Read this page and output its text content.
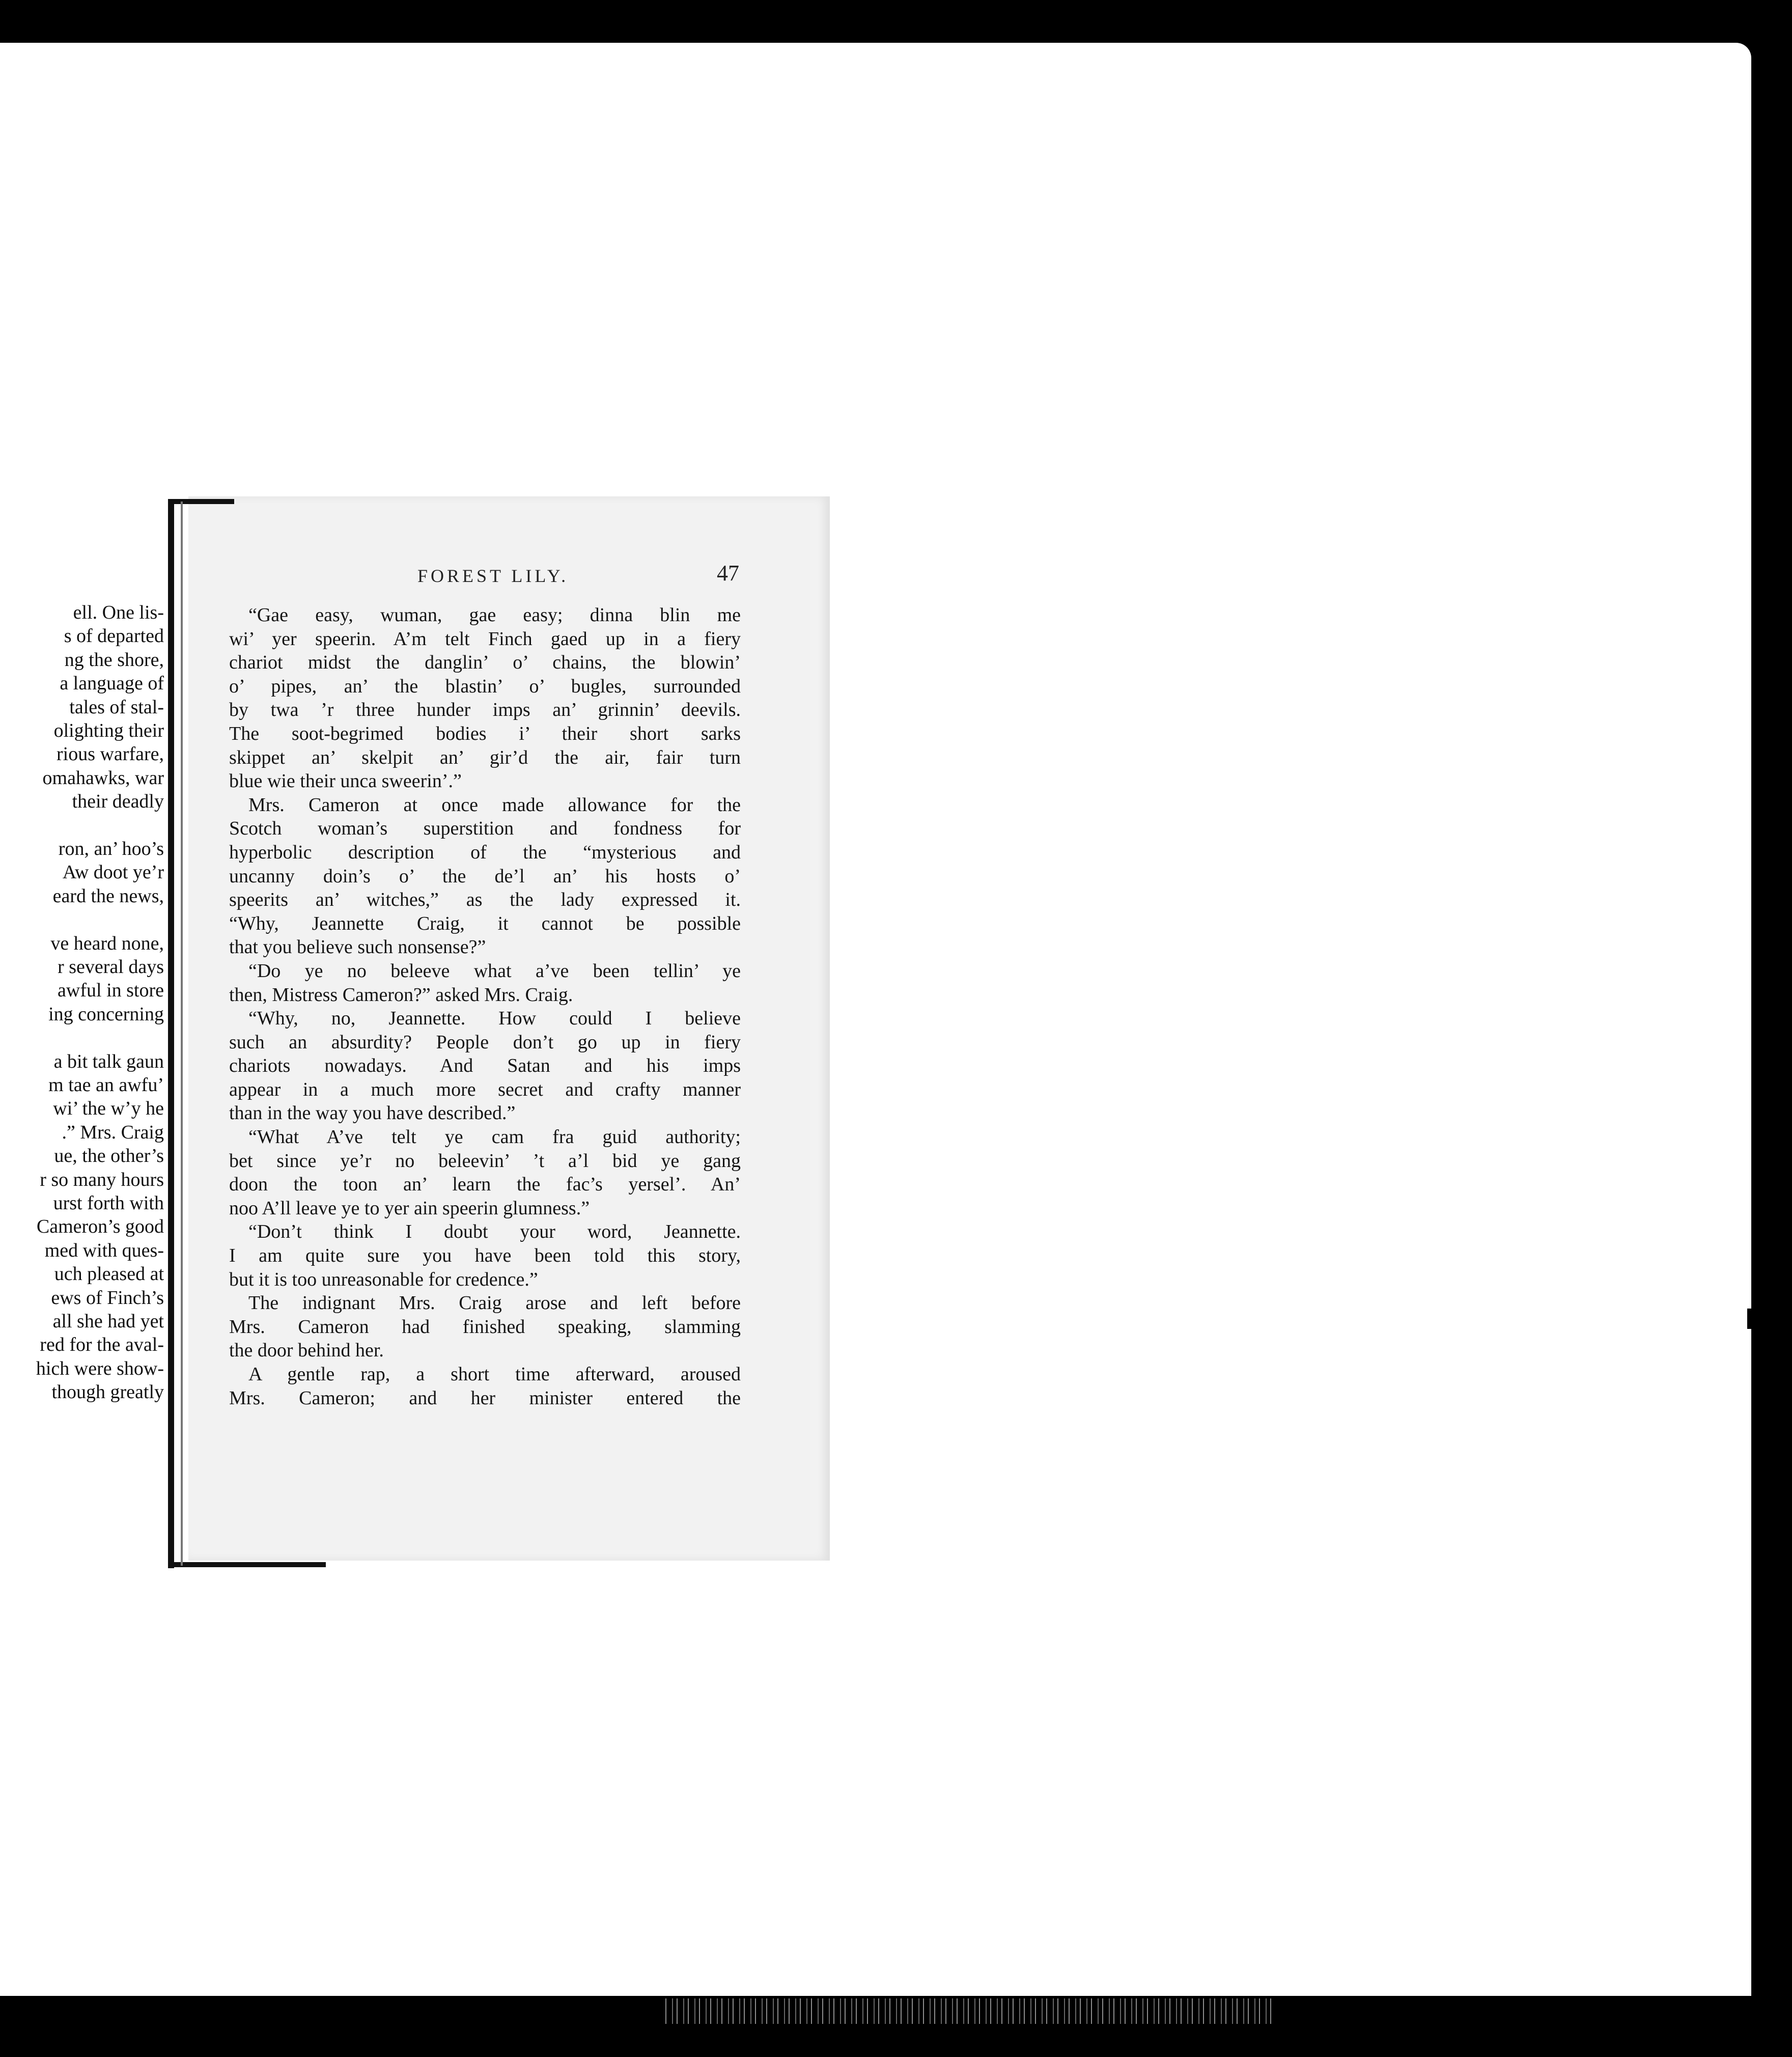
ell. One lis-
s of departed
ng the shore,
a language of
tales of stal-
olighting their
rious warfare,
omahawks, war
their deadly
ron, an’ hoo’s
Aw doot ye’r
eard the news,
ve heard none,
r several days
awful in store
ing concerning
a bit talk gaun
m tae an awfu’
wi’ the w’y he
.” Mrs. Craig
ue, the other’s
r so many hours
urst forth with
Cameron’s good
med with ques-
uch pleased at
ews of Finch’s
all she had yet
red for the aval-
hich were show-
though greatly
FOREST LILY.	47
“Gae easy, wuman, gae easy; dinna blin me
wi’ yer speerin. A’m telt Finch gaed up in a fiery
chariot midst the danglin’ o’ chains, the blowin’
o’ pipes, an’ the blastin’ o’ bugles, surrounded
by twa ’r three hunder imps an’ grinnin’ deevils.
The soot-begrimed bodies i’ their short sarks
skippet an’ skelpit an’ gir’d the air, fair turn
blue wie their unca sweerin’.”
Mrs. Cameron at once made allowance for the
Scotch woman’s superstition and fondness for
hyperbolic description of the “mysterious and
uncanny doin’s o’ the de’l an’ his hosts o’
speerits an’ witches,” as the lady expressed it.
“Why, Jeannette Craig, it cannot be possible
that you believe such nonsense?”
“Do ye no beleeve what a’ve been tellin’ ye
then, Mistress Cameron?” asked Mrs. Craig.
“Why, no, Jeannette. How could I believe
such an absurdity? People don’t go up in fiery
chariots nowadays. And Satan and his imps
appear in a much more secret and crafty manner
than in the way you have described.”
“What A’ve telt ye cam fra guid authority;
bet since ye’r no beleevin’ ’t a’l bid ye gang
doon the toon an’ learn the fac’s yersel’. An’
noo A’ll leave ye to yer ain speerin glumness.”
“Don’t think I doubt your word, Jeannette.
I am quite sure you have been told this story,
but it is too unreasonable for credence.”
The indignant Mrs. Craig arose and left before
Mrs. Cameron had finished speaking, slamming
the door behind her.
A gentle rap, a short time afterward, aroused
Mrs. Cameron; and her minister entered the
